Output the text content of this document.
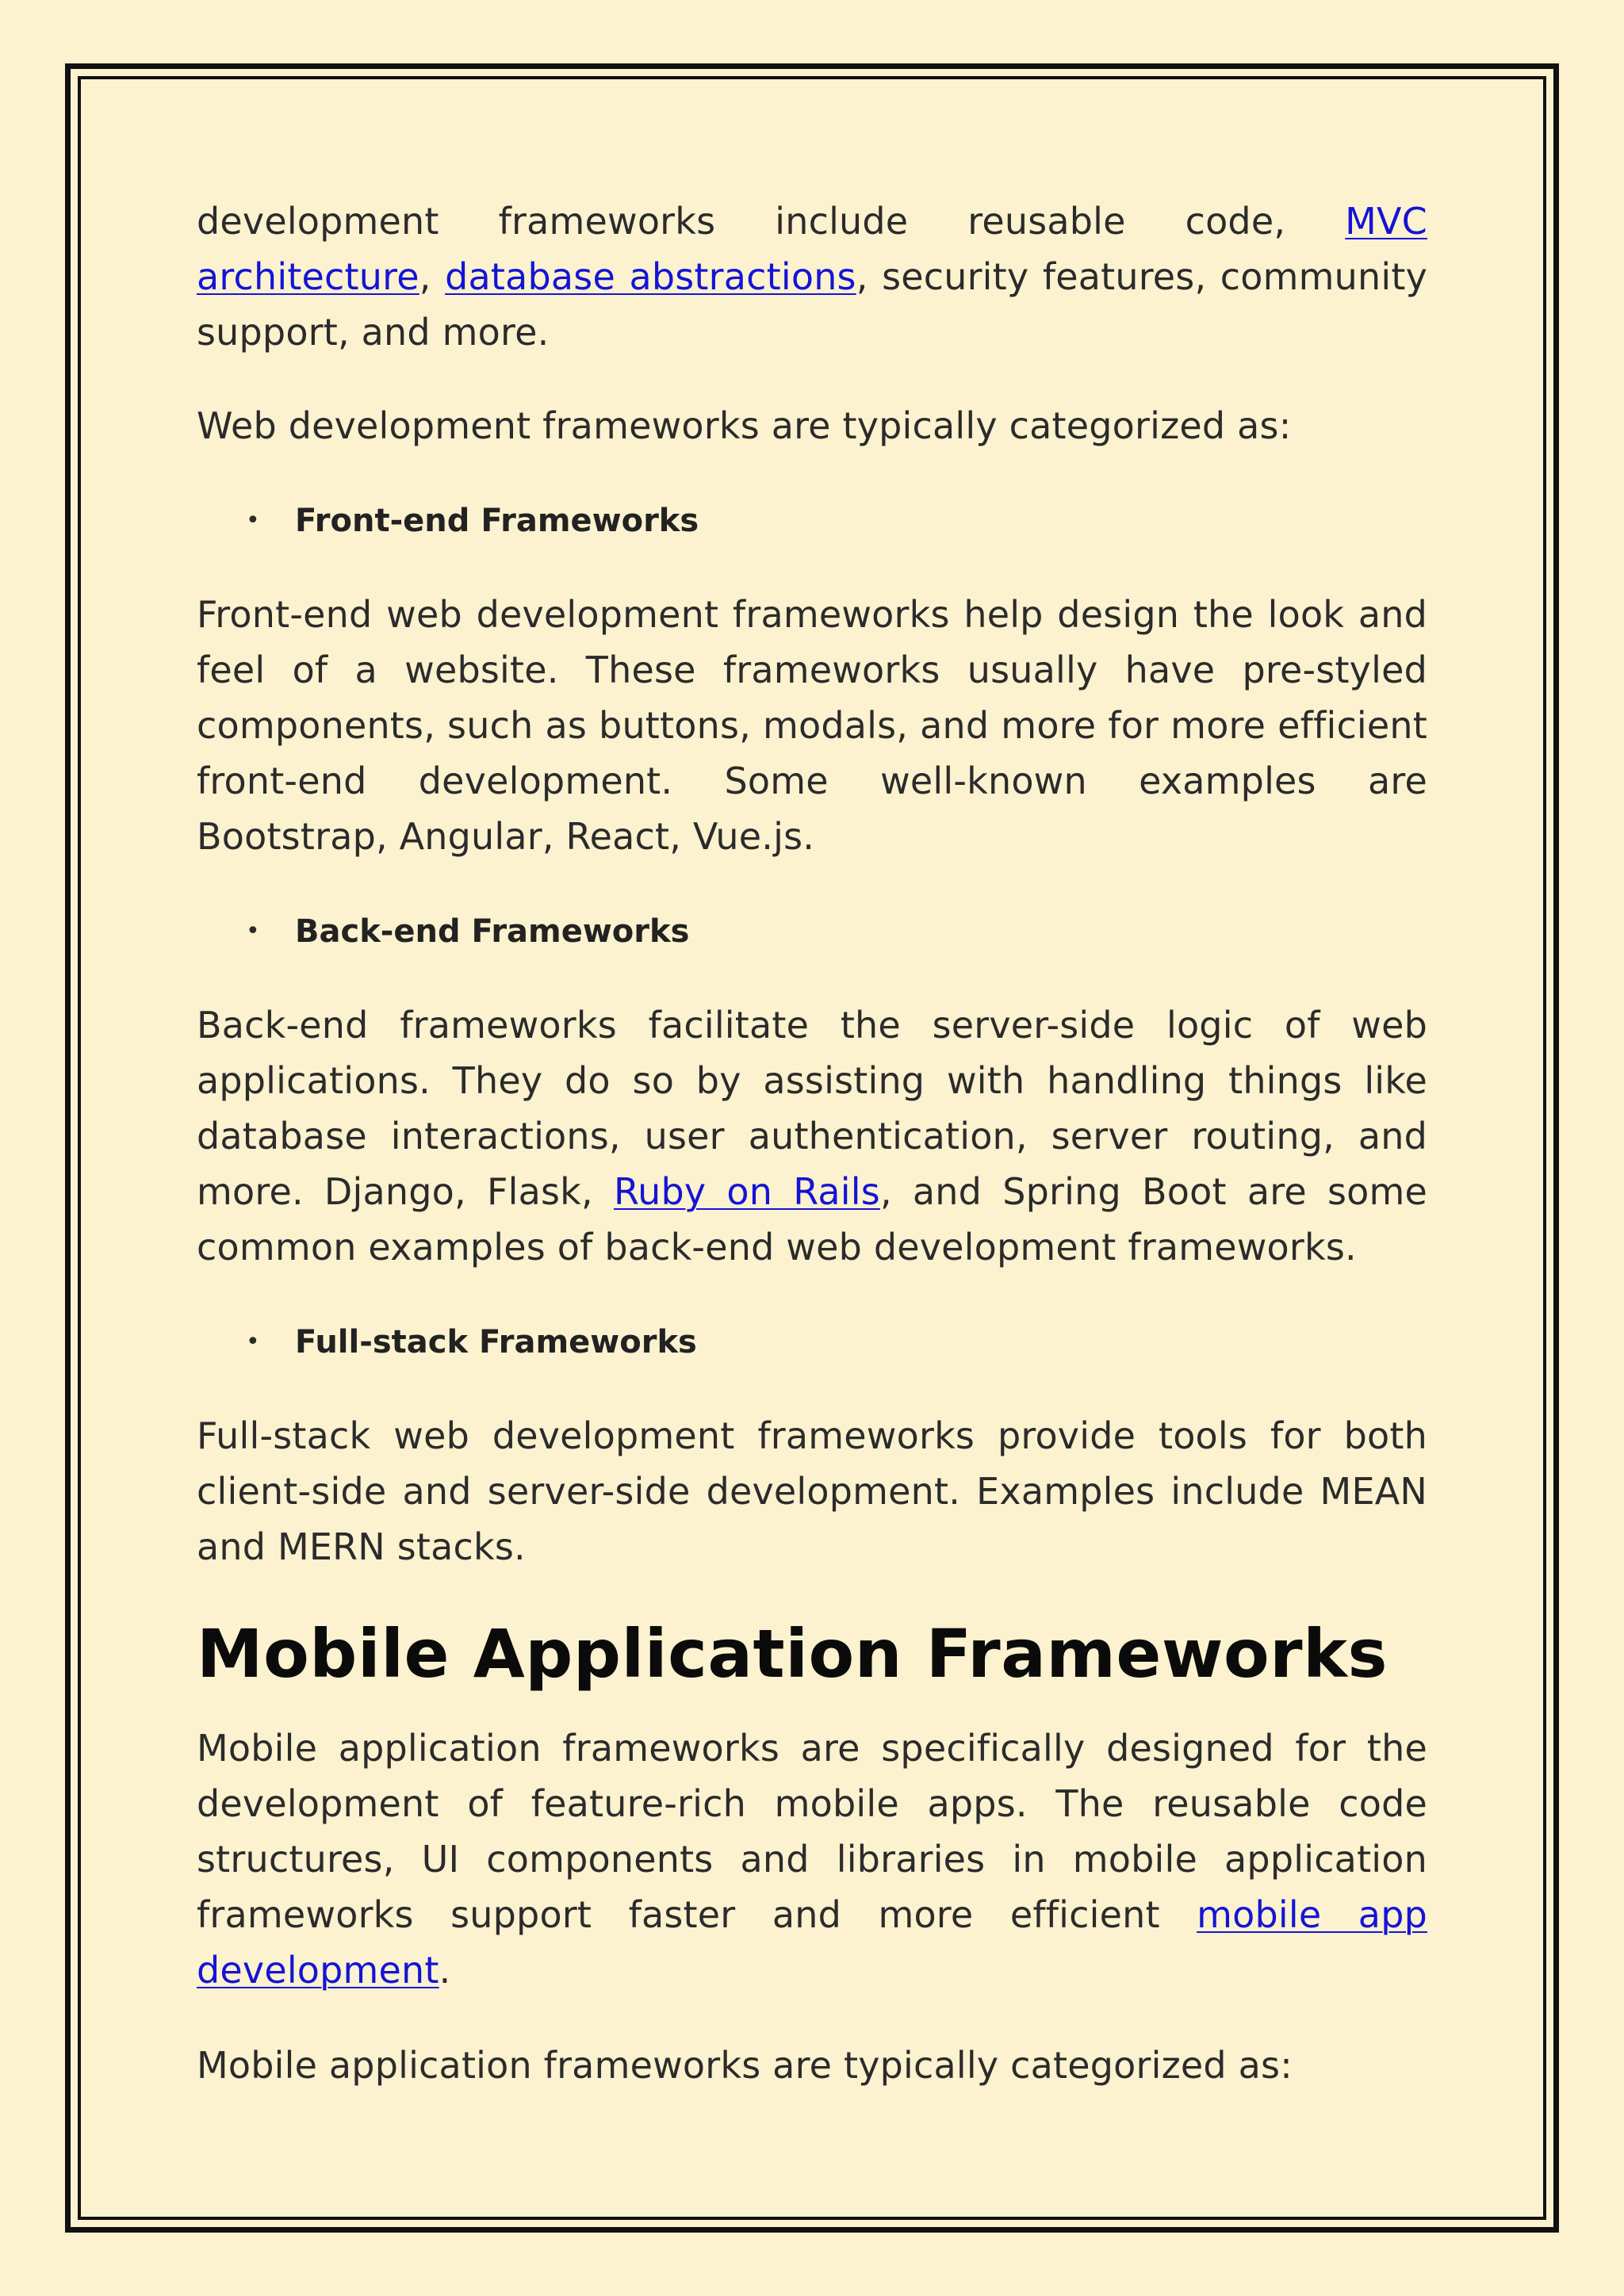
development frameworks include reusable code, MVC architecture, database abstractions, security features, community support, and more.

Web development frameworks are typically categorized as:

•	Front-end Frameworks

Front-end web development frameworks help design the look and feel of a website. These frameworks usually have pre-styled components, such as buttons, modals, and more for more efficient front-end development. Some well-known examples are Bootstrap, Angular, React, Vue.js.

•	Back-end Frameworks

Back-end frameworks facilitate the server-side logic of web applications. They do so by assisting with handling things like database interactions, user authentication, server routing, and more. Django, Flask, Ruby on Rails, and Spring Boot are some common examples of back-end web development frameworks.

•	Full-stack Frameworks

Full-stack web development frameworks provide tools for both client-side and server-side development. Examples include MEAN and MERN stacks.

Mobile Application Frameworks

Mobile application frameworks are specifically designed for the development of feature-rich mobile apps. The reusable code structures, UI components and libraries in mobile application frameworks support faster and more efficient mobile app development.

Mobile application frameworks are typically categorized as:
